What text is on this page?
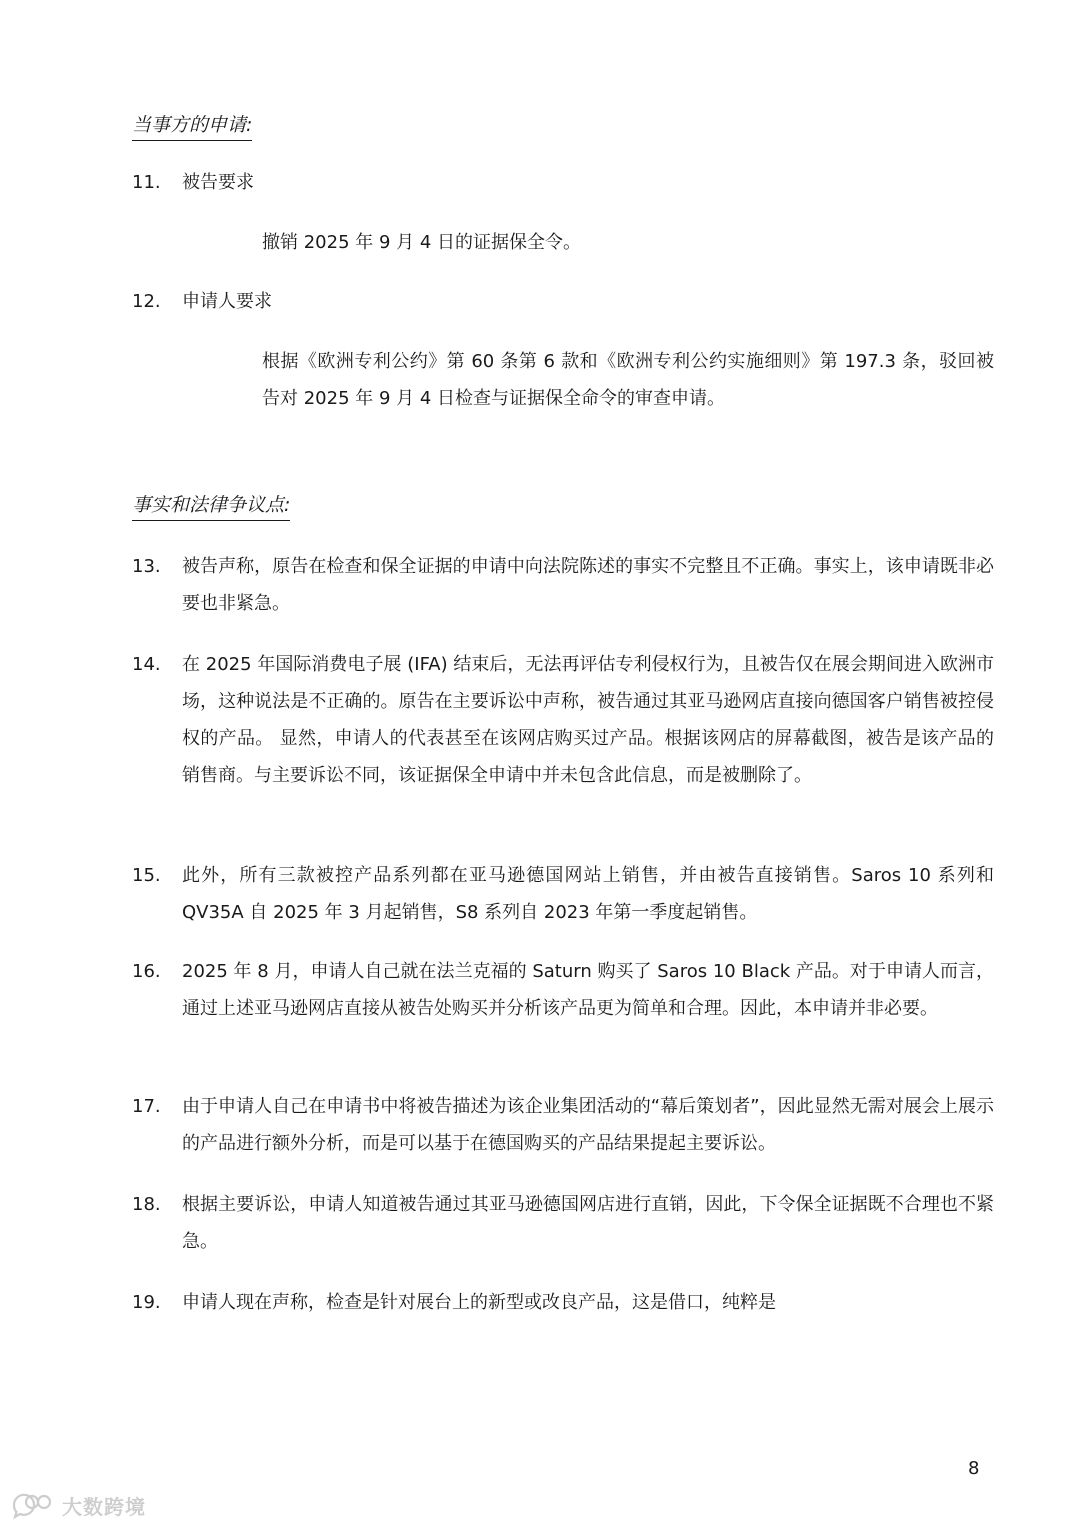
当事方的申请:
11.	被告要求
撤销 2025 年 9 月 4 日的证据保全令。
12.	申请人要求
根据《欧洲专利公约》第 60 条第 6 款和《欧洲专利公约实施细则》第 197.3 条，驳回被告对 2025 年 9 月 4 日检查与证据保全命令的审查申请。
事实和法律争议点:
13.	被告声称，原告在检查和保全证据的申请中向法院陈述的事实不完整且不正确。事实上，该申请既非必要也非紧急。
14.	在 2025 年国际消费电子展 (IFA) 结束后，无法再评估专利侵权行为，且被告仅在展会期间进入欧洲市场，这种说法是不正确的。原告在主要诉讼中声称，被告通过其亚马逊网店直接向德国客户销售被控侵权的产品。 显然，申请人的代表甚至在该网店购买过产品。根据该网店的屏幕截图，被告是该产品的销售商。与主要诉讼不同，该证据保全申请中并未包含此信息，而是被删除了。
15.	此外，所有三款被控产品系列都在亚马逊德国网站上销售，并由被告直接销售。Saros 10 系列和 QV35A 自 2025 年 3 月起销售，S8 系列自 2023 年第一季度起销售。
16.	2025 年 8 月，申请人自己就在法兰克福的 Saturn 购买了 Saros 10 Black 产品。对于申请人而言，通过上述亚马逊网店直接从被告处购买并分析该产品更为简单和合理。因此，本申请并非必要。
17.	由于申请人自己在申请书中将被告描述为该企业集团活动的“幕后策划者”，因此显然无需对展会上展示的产品进行额外分析，而是可以基于在德国购买的产品结果提起主要诉讼。
18.	根据主要诉讼，申请人知道被告通过其亚马逊德国网店进行直销，因此，下令保全证据既不合理也不紧急。
19.	申请人现在声称，检查是针对展台上的新型或改良产品，这是借口，纯粹是
8
大数跨境
